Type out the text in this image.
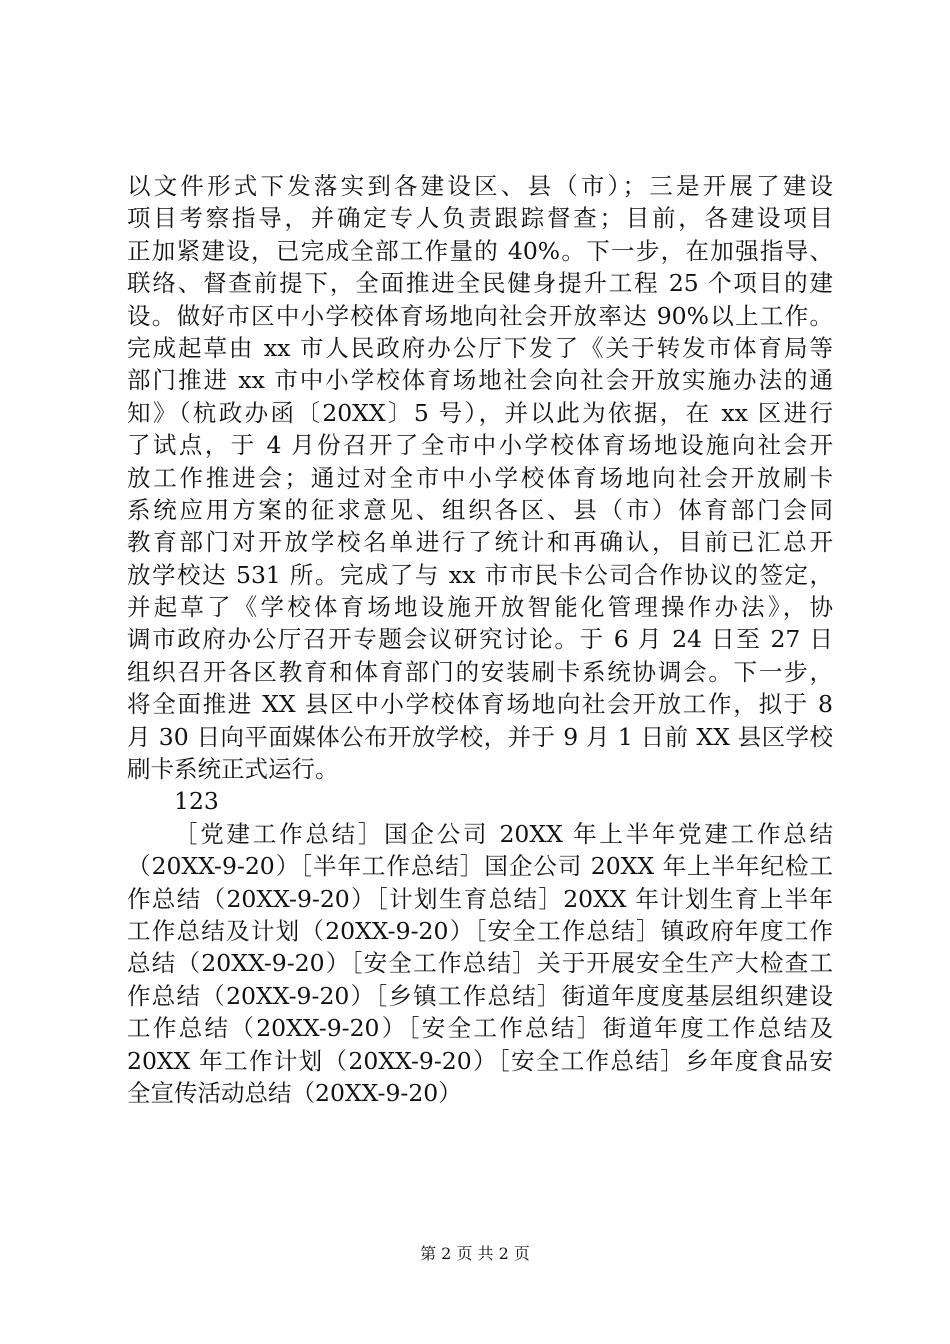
以文件形式下发落实到各建设区、县（市）；三是开展了建设
项目考察指导，并确定专人负责跟踪督查；目前，各建设项目
正加紧建设，已完成全部工作量的 40%。下一步，在加强指导、
联络、督查前提下，全面推进全民健身提升工程 25 个项目的建
设。做好市区中小学校体育场地向社会开放率达 90%以上工作。
完成起草由 xx 市人民政府办公厅下发了《关于转发市体育局等
部门推进 xx 市中小学校体育场地社会向社会开放实施办法的通
知》（杭政办函〔20XX〕5 号），并以此为依据，在 xx 区进行
了试点，于 4 月份召开了全市中小学校体育场地设施向社会开
放工作推进会；通过对全市中小学校体育场地向社会开放刷卡
系统应用方案的征求意见、组织各区、县（市）体育部门会同
教育部门对开放学校名单进行了统计和再确认，目前已汇总开
放学校达 531 所。完成了与 xx 市市民卡公司合作协议的签定，
并起草了《学校体育场地设施开放智能化管理操作办法》，协
调市政府办公厅召开专题会议研究讨论。于 6 月 24 日至 27 日
组织召开各区教育和体育部门的安装刷卡系统协调会。下一步，
将全面推进 XX 县区中小学校体育场地向社会开放工作，拟于 8
月 30 日向平面媒体公布开放学校，并于 9 月 1 日前 XX 县区学校
刷卡系统正式运行。
123
［党建工作总结］国企公司 20XX 年上半年党建工作总结
（20XX-9-20）［半年工作总结］国企公司 20XX 年上半年纪检工
作总结（20XX-9-20）［计划生育总结］20XX 年计划生育上半年
工作总结及计划（20XX-9-20）［安全工作总结］镇政府年度工作
总结（20XX-9-20）［安全工作总结］关于开展安全生产大检查工
作总结（20XX-9-20）［乡镇工作总结］街道年度度基层组织建设
工作总结（20XX-9-20）［安全工作总结］街道年度工作总结及
20XX 年工作计划（20XX-9-20）［安全工作总结］乡年度食品安
全宣传活动总结（20XX-9-20）
第 2 页 共 2 页
